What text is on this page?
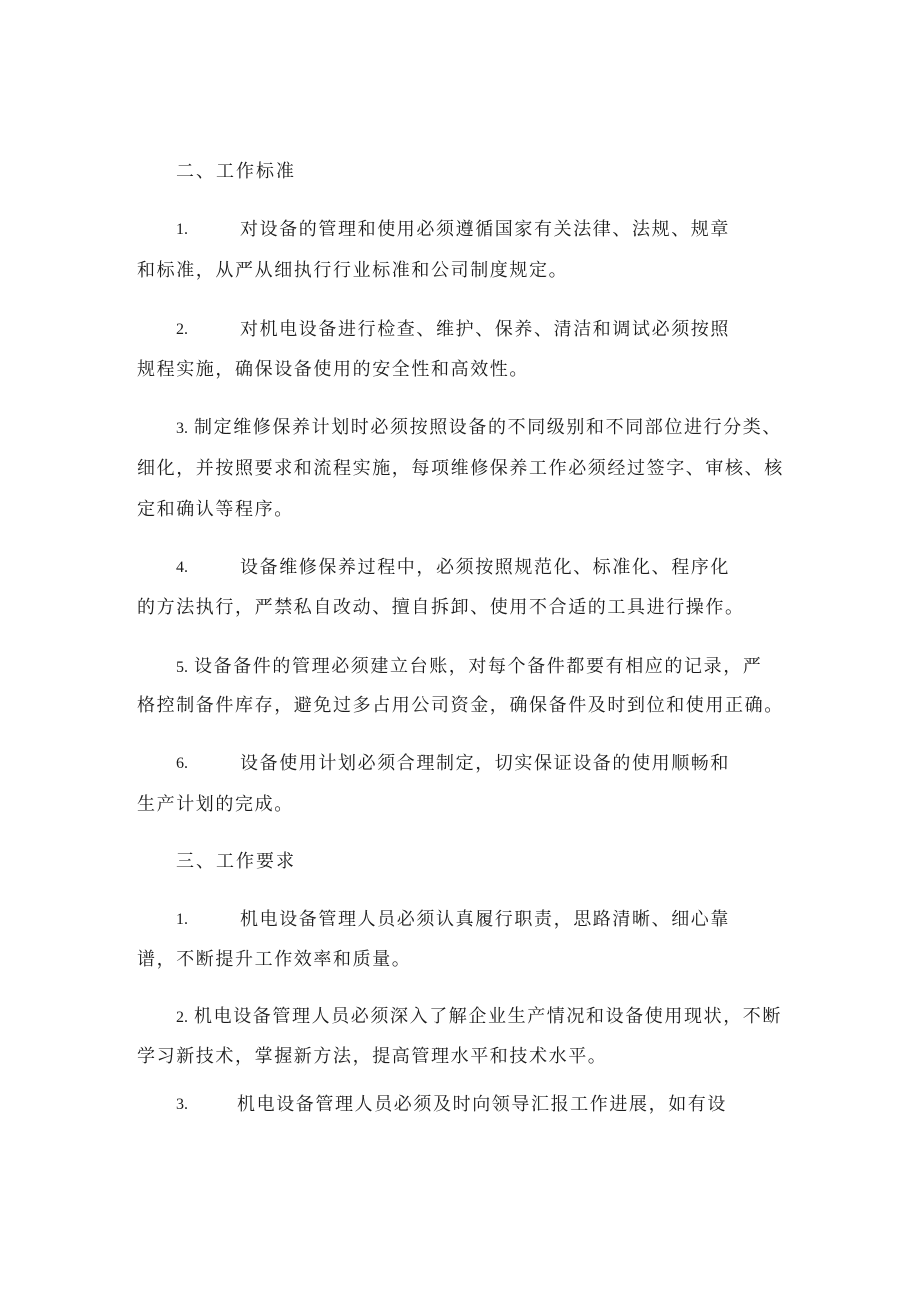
二、工作标准
1.	对设备的管理和使用必须遵循国家有关法律、法规、规章
和标准，从严从细执行行业标准和公司制度规定。
2.	对机电设备进行检查、维护、保养、清洁和调试必须按照
规程实施，确保设备使用的安全性和高效性。
3. 制定维修保养计划时必须按照设备的不同级别和不同部位进行分类、
细化，并按照要求和流程实施，每项维修保养工作必须经过签字、审核、核
定和确认等程序。
4.	设备维修保养过程中，必须按照规范化、标准化、程序化
的方法执行，严禁私自改动、擅自拆卸、使用不合适的工具进行操作。
5. 设备备件的管理必须建立台账，对每个备件都要有相应的记录，严
格控制备件库存，避免过多占用公司资金，确保备件及时到位和使用正确。
6.	设备使用计划必须合理制定，切实保证设备的使用顺畅和
生产计划的完成。
三、工作要求
1.	机电设备管理人员必须认真履行职责，思路清晰、细心靠
谱，不断提升工作效率和质量。
2. 机电设备管理人员必须深入了解企业生产情况和设备使用现状，不断
学习新技术，掌握新方法，提高管理水平和技术水平。
3.	机电设备管理人员必须及时向领导汇报工作进展，如有设
